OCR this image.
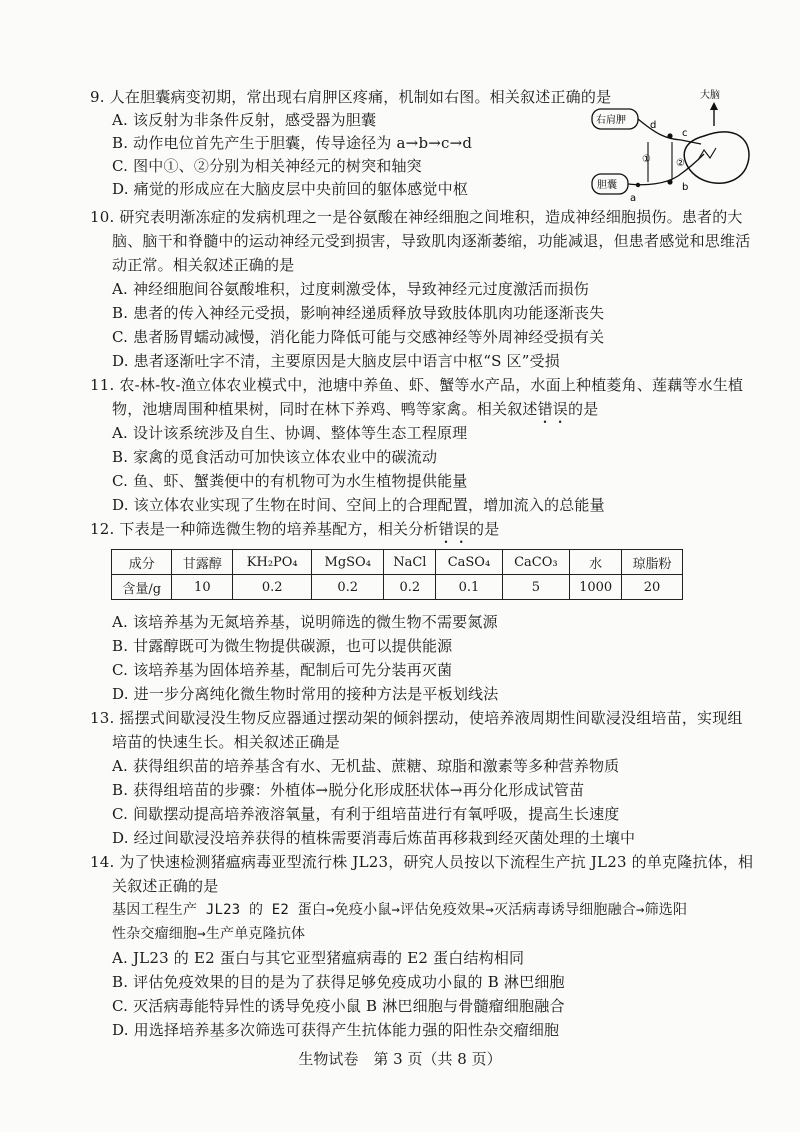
9. 人在胆囊病变初期，常出现右肩胛区疼痛，机制如右图。相关叙述正确的是
A. 该反射为非条件反射，感受器为胆囊
B. 动作电位首先产生于胆囊，传导途径为 a→b→c→d
C. 图中①、②分别为相关神经元的树突和轴突
D. 痛觉的形成应在大脑皮层中央前回的躯体感觉中枢
大脑
右肩胛
胆囊
d
c
a
b
①	②
10. 研究表明渐冻症的发病机理之一是谷氨酸在神经细胞之间堆积，造成神经细胞损伤。患者的大
脑、脑干和脊髓中的运动神经元受到损害，导致肌肉逐渐萎缩，功能减退，但患者感觉和思维活
动正常。相关叙述正确的是
A. 神经细胞间谷氨酸堆积，过度刺激受体，导致神经元过度激活而损伤
B. 患者的传入神经元受损，影响神经递质释放导致肢体肌肉功能逐渐丧失
C. 患者肠胃蠕动减慢，消化能力降低可能与交感神经等外周神经受损有关
D. 患者逐渐吐字不清，主要原因是大脑皮层中语言中枢“S 区”受损
11. 农-林-牧-渔立体农业模式中，池塘中养鱼、虾、蟹等水产品，水面上种植菱角、莲藕等水生植
物，池塘周围种植果树，同时在林下养鸡、鸭等家禽。相关叙述错误的是
A. 设计该系统涉及自生、协调、整体等生态工程原理
B. 家禽的觅食活动可加快该立体农业中的碳流动
C. 鱼、虾、蟹粪便中的有机物可为水生植物提供能量
D. 该立体农业实现了生物在时间、空间上的合理配置，增加流入的总能量
12. 下表是一种筛选微生物的培养基配方，相关分析错误的是
成分	甘露醇	KH₂PO₄	MgSO₄	NaCl	CaSO₄	CaCO₃	水	琼脂粉
含量/g	10	0.2	0.2	0.2	0.1	5	1000	20
A. 该培养基为无氮培养基，说明筛选的微生物不需要氮源
B. 甘露醇既可为微生物提供碳源，也可以提供能源
C. 该培养基为固体培养基，配制后可先分装再灭菌
D. 进一步分离纯化微生物时常用的接种方法是平板划线法
13. 摇摆式间歇浸没生物反应器通过摆动架的倾斜摆动，使培养液周期性间歇浸没组培苗，实现组
培苗的快速生长。相关叙述正确是
A. 获得组织苗的培养基含有水、无机盐、蔗糖、琼脂和激素等多种营养物质
B. 获得组培苗的步骤：外植体→脱分化形成胚状体→再分化形成试管苗
C. 间歇摆动提高培养液溶氧量，有利于组培苗进行有氧呼吸，提高生长速度
D. 经过间歇浸没培养获得的植株需要消毒后炼苗再移栽到经灭菌处理的土壤中
14. 为了快速检测猪瘟病毒亚型流行株 JL23，研究人员按以下流程生产抗 JL23 的单克隆抗体，相
关叙述正确的是
基因工程生产 JL23 的 E2 蛋白→免疫小鼠→评估免疫效果→灭活病毒诱导细胞融合→筛选阳
性杂交瘤细胞→生产单克隆抗体
A. JL23 的 E2 蛋白与其它亚型猪瘟病毒的 E2 蛋白结构相同
B. 评估免疫效果的目的是为了获得足够免疫成功小鼠的 B 淋巴细胞
C. 灭活病毒能特异性的诱导免疫小鼠 B 淋巴细胞与骨髓瘤细胞融合
D. 用选择培养基多次筛选可获得产生抗体能力强的阳性杂交瘤细胞
生物试卷　第 3 页（共 8 页）
